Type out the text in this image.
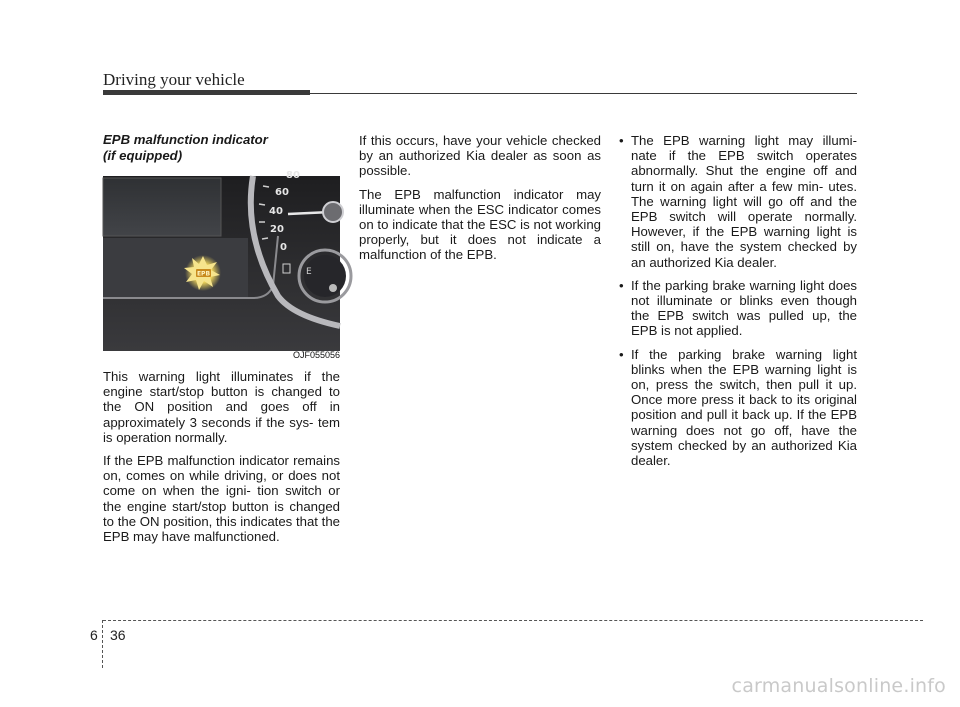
Driving your vehicle

EPB malfunction indicator
(if equipped)

80
60
40
20
0
E
EPB
OJF055056

This warning light illuminates if the engine start/stop button is changed to the ON position and goes off in approximately 3 seconds if the sys- tem is operation normally.

If the EPB malfunction indicator remains on, comes on while driving, or does not come on when the igni- tion switch or the engine start/stop button is changed to the ON position, this indicates that the EPB may have malfunctioned.

If this occurs, have your vehicle checked by an authorized Kia dealer as soon as possible.

The EPB malfunction indicator may illuminate when the ESC indicator comes on to indicate that the ESC is not working properly, but it does not indicate a malfunction of the EPB.

• The EPB warning light may illumi- nate if the EPB switch operates abnormally. Shut the engine off and turn it on again after a few min- utes. The warning light will go off and the EPB switch will operate normally. However, if the EPB warning light is still on, have the system checked by an authorized Kia dealer.
• If the parking brake warning light does not illuminate or blinks even though the EPB switch was pulled up, the EPB is not applied.
• If the parking brake warning light blinks when the EPB warning light is on, press the switch, then pull it up. Once more press it back to its original position and pull it back up. If the EPB warning does not go off, have the system checked by an authorized Kia dealer.
6 36
carmanualsonline.info
